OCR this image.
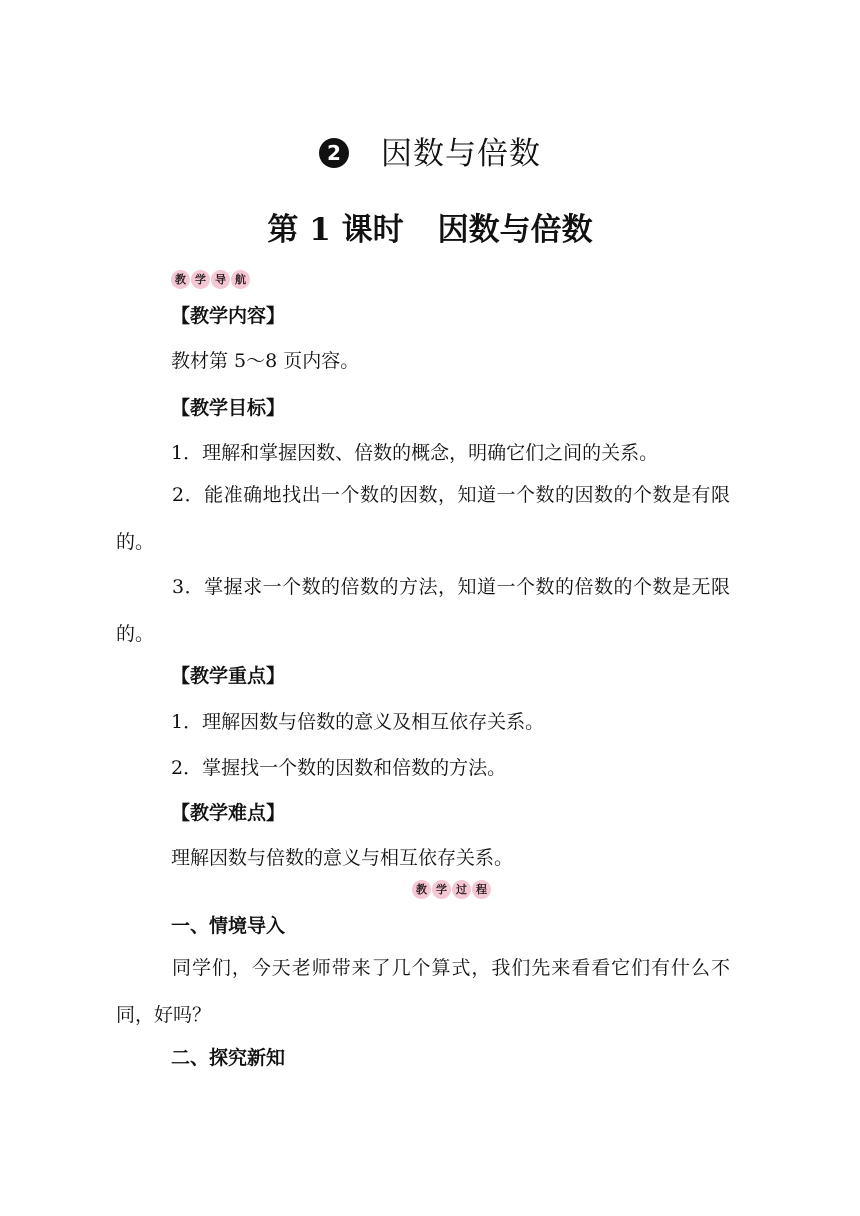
2 因数与倍数
第 1 课时 因数与倍数
教 学 导 航
【教学内容】
教材第 5～8 页内容。
【教学目标】
1．理解和掌握因数、倍数的概念，明确它们之间的关系。
2．能准确地找出一个数的因数，知道一个数的因数的个数是有限的。
3．掌握求一个数的倍数的方法，知道一个数的倍数的个数是无限的。
【教学重点】
1．理解因数与倍数的意义及相互依存关系。
2．掌握找一个数的因数和倍数的方法。
【教学难点】
理解因数与倍数的意义与相互依存关系。
教 学 过 程
一、情境导入
同学们，今天老师带来了几个算式，我们先来看看它们有什么不同，好吗？
二、探究新知
